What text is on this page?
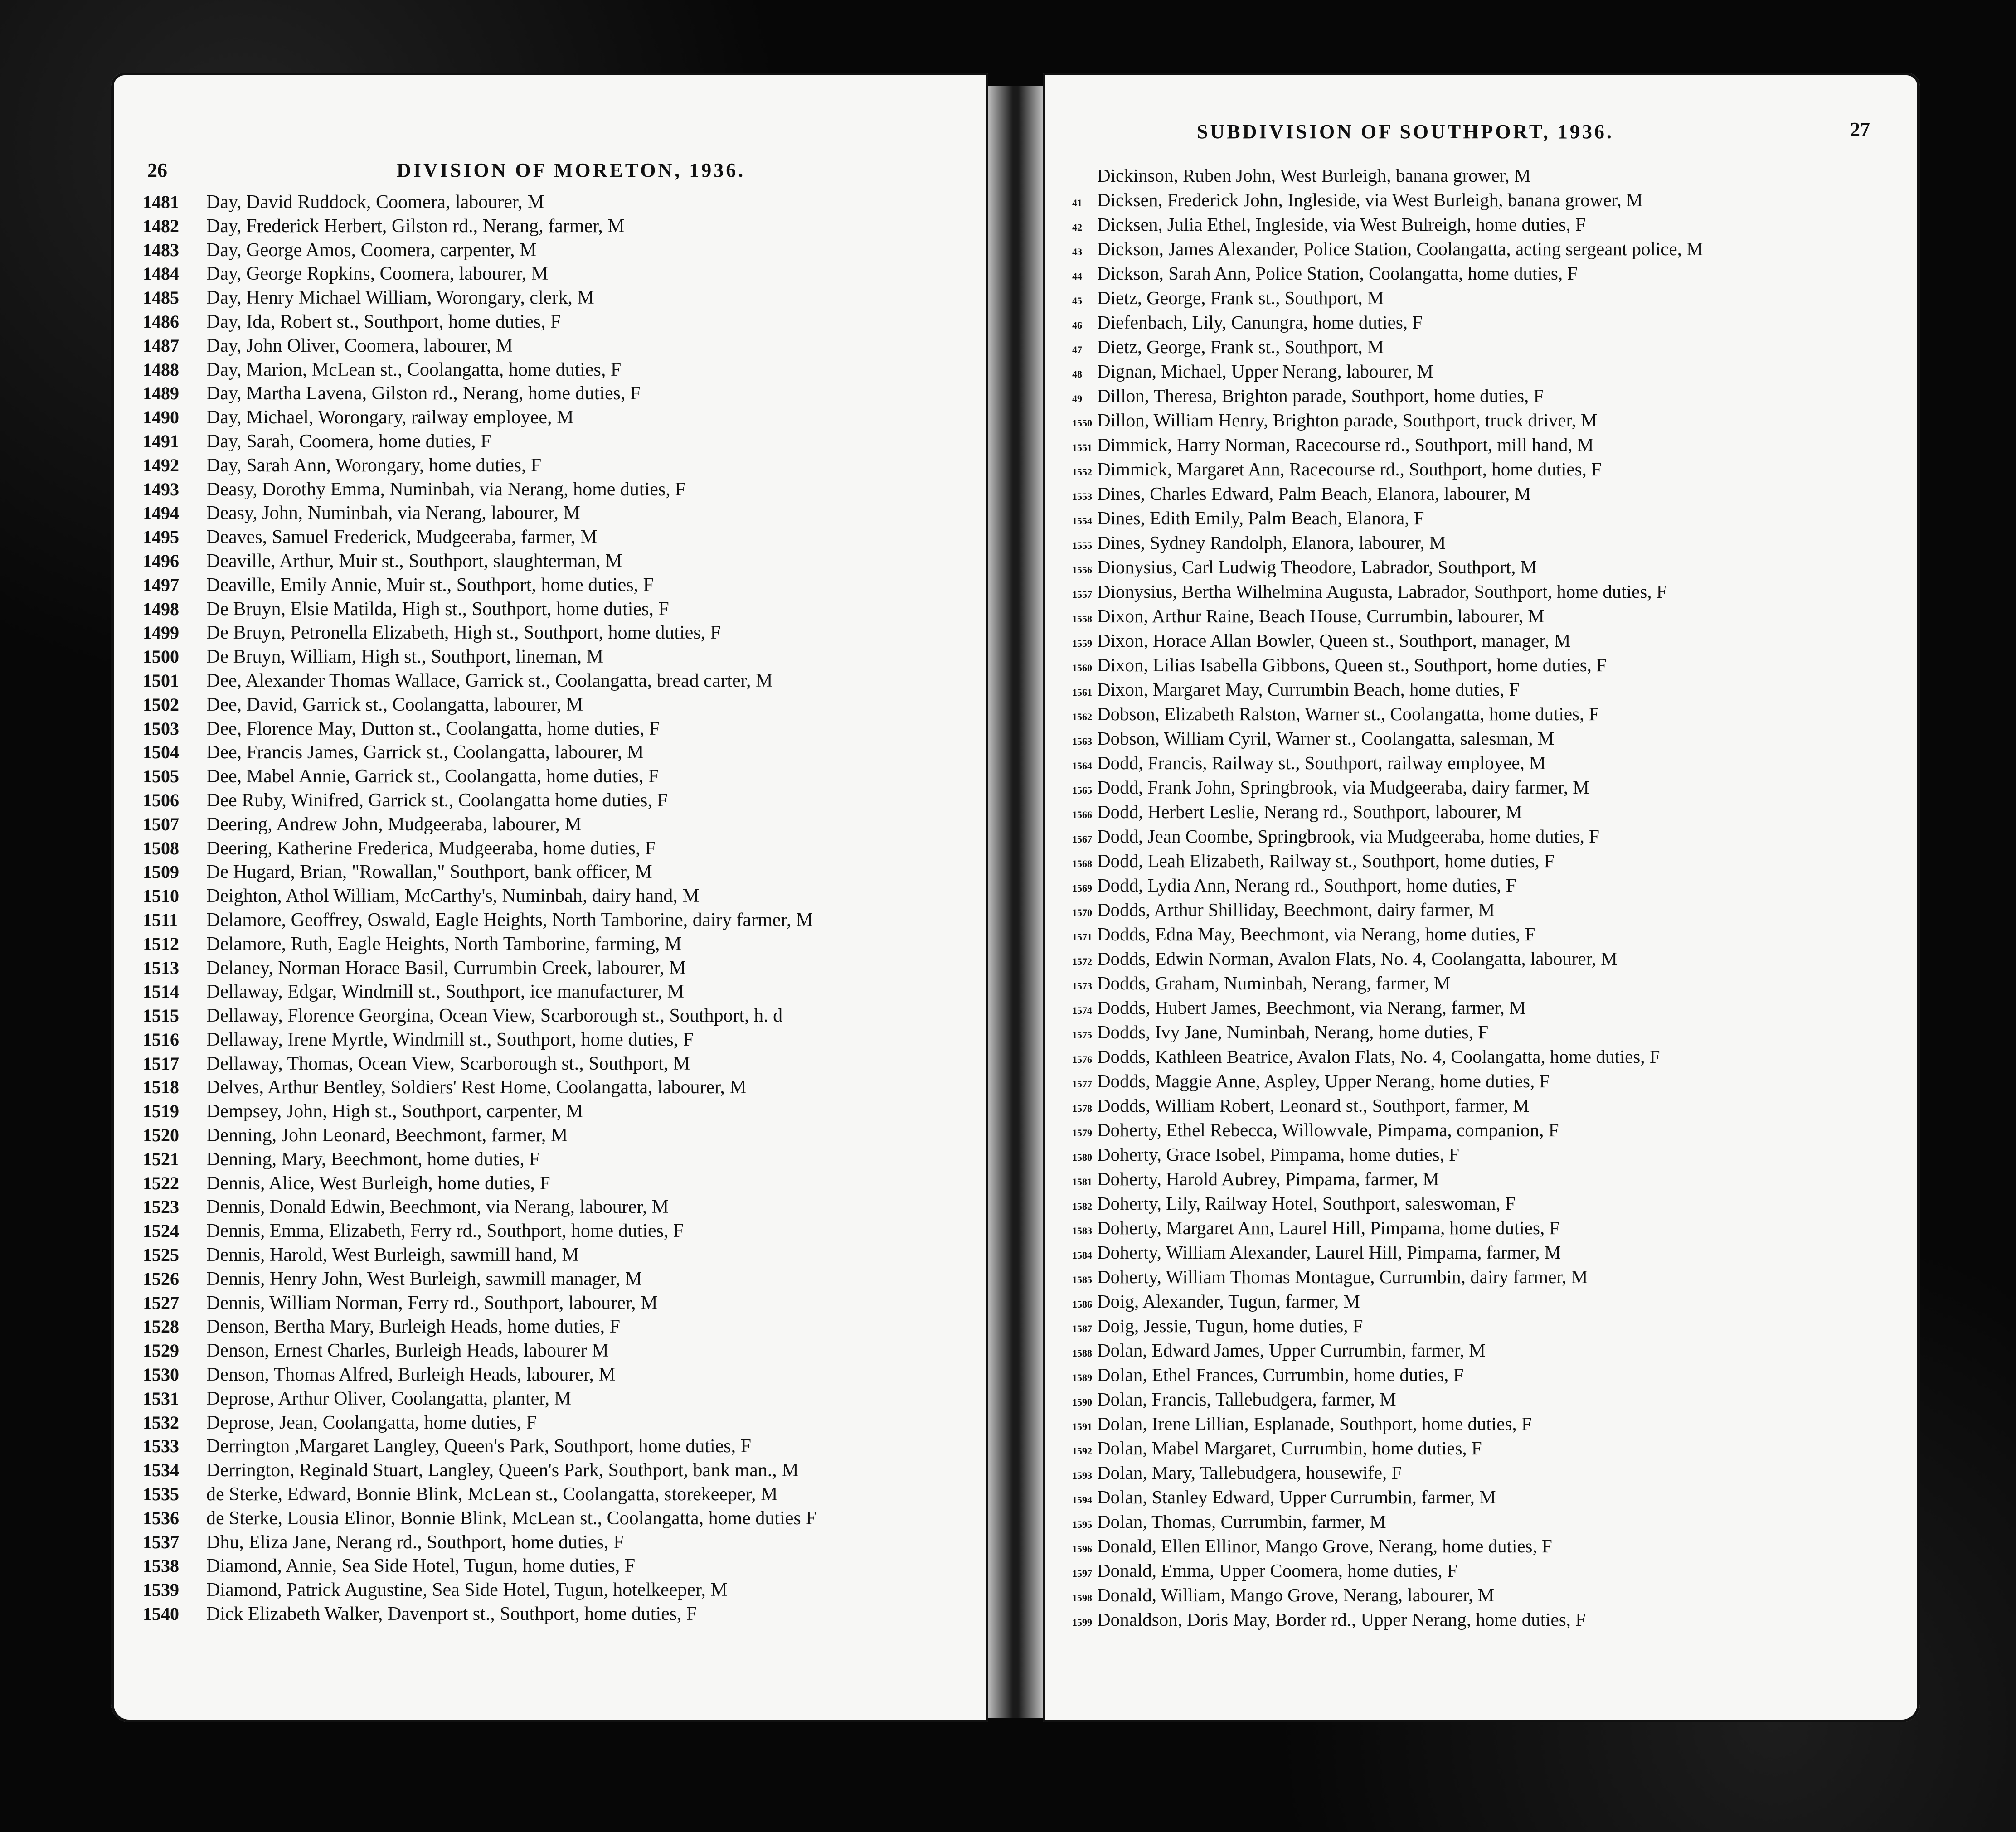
26	DIVISION OF MORETON, 1936.
1481	Day, David Ruddock, Coomera, labourer, M
1482	Day, Frederick Herbert, Gilston rd., Nerang, farmer, M
1483	Day, George Amos, Coomera, carpenter, M
1484	Day, George Ropkins, Coomera, labourer, M
1485	Day, Henry Michael William, Worongary, clerk, M
1486	Day, Ida, Robert st., Southport, home duties, F
1487	Day, John Oliver, Coomera, labourer, M
1488	Day, Marion, McLean st., Coolangatta, home duties, F
1489	Day, Martha Lavena, Gilston rd., Nerang, home duties, F
1490	Day, Michael, Worongary, railway employee, M
1491	Day, Sarah, Coomera, home duties, F
1492	Day, Sarah Ann, Worongary, home duties, F
1493	Deasy, Dorothy Emma, Numinbah, via Nerang, home duties, F
1494	Deasy, John, Numinbah, via Nerang, labourer, M
1495	Deaves, Samuel Frederick, Mudgeeraba, farmer, M
1496	Deaville, Arthur, Muir st., Southport, slaughterman, M
1497	Deaville, Emily Annie, Muir st., Southport, home duties, F
1498	De Bruyn, Elsie Matilda, High st., Southport, home duties, F
1499	De Bruyn, Petronella Elizabeth, High st., Southport, home duties, F
1500	De Bruyn, William, High st., Southport, lineman, M
1501	Dee, Alexander Thomas Wallace, Garrick st., Coolangatta, bread carter, M
1502	Dee, David, Garrick st., Coolangatta, labourer, M
1503	Dee, Florence May, Dutton st., Coolangatta, home duties, F
1504	Dee, Francis James, Garrick st., Coolangatta, labourer, M
1505	Dee, Mabel Annie, Garrick st., Coolangatta, home duties, F
1506	Dee Ruby, Winifred, Garrick st., Coolangatta home duties, F
1507	Deering, Andrew John, Mudgeeraba, labourer, M
1508	Deering, Katherine Frederica, Mudgeeraba, home duties, F
1509	De Hugard, Brian, "Rowallan," Southport, bank officer, M
1510	Deighton, Athol William, McCarthy's, Numinbah, dairy hand, M
1511	Delamore, Geoffrey, Oswald, Eagle Heights, North Tamborine, dairy farmer, M
1512	Delamore, Ruth, Eagle Heights, North Tamborine, farming, M
1513	Delaney, Norman Horace Basil, Currumbin Creek, labourer, M
1514	Dellaway, Edgar, Windmill st., Southport, ice manufacturer, M
1515	Dellaway, Florence Georgina, Ocean View, Scarborough st., Southport, h. d
1516	Dellaway, Irene Myrtle, Windmill st., Southport, home duties, F
1517	Dellaway, Thomas, Ocean View, Scarborough st., Southport, M
1518	Delves, Arthur Bentley, Soldiers' Rest Home, Coolangatta, labourer, M
1519	Dempsey, John, High st., Southport, carpenter, M
1520	Denning, John Leonard, Beechmont, farmer, M
1521	Denning, Mary, Beechmont, home duties, F
1522	Dennis, Alice, West Burleigh, home duties, F
1523	Dennis, Donald Edwin, Beechmont, via Nerang, labourer, M
1524	Dennis, Emma, Elizabeth, Ferry rd., Southport, home duties, F
1525	Dennis, Harold, West Burleigh, sawmill hand, M
1526	Dennis, Henry John, West Burleigh, sawmill manager, M
1527	Dennis, William Norman, Ferry rd., Southport, labourer, M
1528	Denson, Bertha Mary, Burleigh Heads, home duties, F
1529	Denson, Ernest Charles, Burleigh Heads, labourer M
1530	Denson, Thomas Alfred, Burleigh Heads, labourer, M
1531	Deprose, Arthur Oliver, Coolangatta, planter, M
1532	Deprose, Jean, Coolangatta, home duties, F
1533	Derrington ,Margaret Langley, Queen's Park, Southport, home duties, F
1534	Derrington, Reginald Stuart, Langley, Queen's Park, Southport, bank man., M
1535	de Sterke, Edward, Bonnie Blink, McLean st., Coolangatta, storekeeper, M
1536	de Sterke, Lousia Elinor, Bonnie Blink, McLean st., Coolangatta, home duties F
1537	Dhu, Eliza Jane, Nerang rd., Southport, home duties, F
1538	Diamond, Annie, Sea Side Hotel, Tugun, home duties, F
1539	Diamond, Patrick Augustine, Sea Side Hotel, Tugun, hotelkeeper, M
1540	Dick Elizabeth Walker, Davenport st., Southport, home duties, F
27
SUBDIVISION OF SOUTHPORT, 1936.
Dickinson, Ruben John, West Burleigh, banana grower, M
41 Dicksen, Frederick John, Ingleside, via West Burleigh, banana grower, M
42 Dicksen, Julia Ethel, Ingleside, via West Bulreigh, home duties, F
43 Dickson, James Alexander, Police Station, Coolangatta, acting sergeant police, M
44 Dickson, Sarah Ann, Police Station, Coolangatta, home duties, F
45 Dietz, George, Frank st., Southport, M
46 Diefenbach, Lily, Canungra, home duties, F
47 Dietz, George, Frank st., Southport, M
48 Dignan, Michael, Upper Nerang, labourer, M
49 Dillon, Theresa, Brighton parade, Southport, home duties, F
1550 Dillon, William Henry, Brighton parade, Southport, truck driver, M
1551 Dimmick, Harry Norman, Racecourse rd., Southport, mill hand, M
1552 Dimmick, Margaret Ann, Racecourse rd., Southport, home duties, F
1553 Dines, Charles Edward, Palm Beach, Elanora, labourer, M
1554 Dines, Edith Emily, Palm Beach, Elanora, F
1555 Dines, Sydney Randolph, Elanora, labourer, M
1556 Dionysius, Carl Ludwig Theodore, Labrador, Southport, M
1557 Dionysius, Bertha Wilhelmina Augusta, Labrador, Southport, home duties, F
1558 Dixon, Arthur Raine, Beach House, Currumbin, labourer, M
1559 Dixon, Horace Allan Bowler, Queen st., Southport, manager, M
1560 Dixon, Lilias Isabella Gibbons, Queen st., Southport, home duties, F
1561 Dixon, Margaret May, Currumbin Beach, home duties, F
1562 Dobson, Elizabeth Ralston, Warner st., Coolangatta, home duties, F
1563 Dobson, William Cyril, Warner st., Coolangatta, salesman, M
1564 Dodd, Francis, Railway st., Southport, railway employee, M
1565 Dodd, Frank John, Springbrook, via Mudgeeraba, dairy farmer, M
1566 Dodd, Herbert Leslie, Nerang rd., Southport, labourer, M
1567 Dodd, Jean Coombe, Springbrook, via Mudgeeraba, home duties, F
1568 Dodd, Leah Elizabeth, Railway st., Southport, home duties, F
1569 Dodd, Lydia Ann, Nerang rd., Southport, home duties, F
1570 Dodds, Arthur Shilliday, Beechmont, dairy farmer, M
1571 Dodds, Edna May, Beechmont, via Nerang, home duties, F
1572 Dodds, Edwin Norman, Avalon Flats, No. 4, Coolangatta, labourer, M
1573 Dodds, Graham, Numinbah, Nerang, farmer, M
1574 Dodds, Hubert James, Beechmont, via Nerang, farmer, M
1575 Dodds, Ivy Jane, Numinbah, Nerang, home duties, F
1576 Dodds, Kathleen Beatrice, Avalon Flats, No. 4, Coolangatta, home duties, F
1577 Dodds, Maggie Anne, Aspley, Upper Nerang, home duties, F
1578 Dodds, William Robert, Leonard st., Southport, farmer, M
1579 Doherty, Ethel Rebecca, Willowvale, Pimpama, companion, F
1580 Doherty, Grace Isobel, Pimpama, home duties, F
1581 Doherty, Harold Aubrey, Pimpama, farmer, M
1582 Doherty, Lily, Railway Hotel, Southport, saleswoman, F
1583 Doherty, Margaret Ann, Laurel Hill, Pimpama, home duties, F
1584 Doherty, William Alexander, Laurel Hill, Pimpama, farmer, M
1585 Doherty, William Thomas Montague, Currumbin, dairy farmer, M
1586 Doig, Alexander, Tugun, farmer, M
1587 Doig, Jessie, Tugun, home duties, F
1588 Dolan, Edward James, Upper Currumbin, farmer, M
1589 Dolan, Ethel Frances, Currumbin, home duties, F
1590 Dolan, Francis, Tallebudgera, farmer, M
1591 Dolan, Irene Lillian, Esplanade, Southport, home duties, F
1592 Dolan, Mabel Margaret, Currumbin, home duties, F
1593 Dolan, Mary, Tallebudgera, housewife, F
1594 Dolan, Stanley Edward, Upper Currumbin, farmer, M
1595 Dolan, Thomas, Currumbin, farmer, M
1596 Donald, Ellen Ellinor, Mango Grove, Nerang, home duties, F
1597 Donald, Emma, Upper Coomera, home duties, F
1598 Donald, William, Mango Grove, Nerang, labourer, M
1599 Donaldson, Doris May, Border rd., Upper Nerang, home duties, F
